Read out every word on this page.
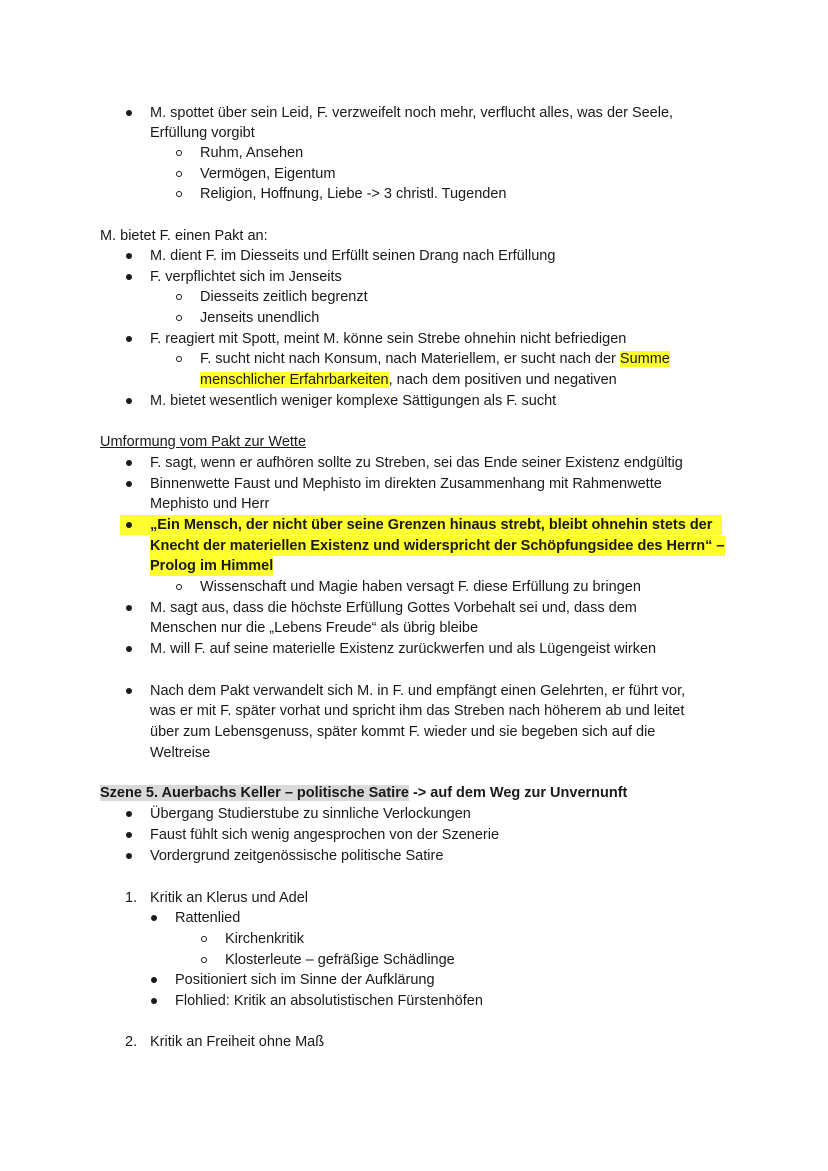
M. spottet über sein Leid, F. verzweifelt noch mehr, verflucht alles, was der Seele,
Erfüllung vorgibt
Ruhm, Ansehen
Vermögen, Eigentum
Religion, Hoffnung, Liebe -> 3 christl. Tugenden
M. bietet F. einen Pakt an:
M. dient F. im Diesseits und Erfüllt seinen Drang nach Erfüllung
F. verpflichtet sich im Jenseits
Diesseits zeitlich begrenzt
Jenseits unendlich
F. reagiert mit Spott, meint M. könne sein Strebe ohnehin nicht befriedigen
F. sucht nicht nach Konsum, nach Materiellem, er sucht nach der Summe
menschlicher Erfahrbarkeiten, nach dem positiven und negativen
M. bietet wesentlich weniger komplexe Sättigungen als F. sucht
Umformung vom Pakt zur Wette
F. sagt, wenn er aufhören sollte zu Streben, sei das Ende seiner Existenz endgültig
Binnenwette Faust und Mephisto im direkten Zusammenhang mit Rahmenwette
Mephisto und Herr
„Ein Mensch, der nicht über seine Grenzen hinaus strebt, bleibt ohnehin stets der
Knecht der materiellen Existenz und widerspricht der Schöpfungsidee des Herrn“ –
Prolog im Himmel
Wissenschaft und Magie haben versagt F. diese Erfüllung zu bringen
M. sagt aus, dass die höchste Erfüllung Gottes Vorbehalt sei und, dass dem
Menschen nur die „Lebens Freude“ als übrig bleibe
M. will F. auf seine materielle Existenz zurückwerfen und als Lügengeist wirken
Nach dem Pakt verwandelt sich M. in F. und empfängt einen Gelehrten, er führt vor,
was er mit F. später vorhat und spricht ihm das Streben nach höherem ab und leitet
über zum Lebensgenuss, später kommt F. wieder und sie begeben sich auf die
Weltreise
Szene 5. Auerbachs Keller – politische Satire -> auf dem Weg zur Unvernunft
Übergang Studierstube zu sinnliche Verlockungen
Faust fühlt sich wenig angesprochen von der Szenerie
Vordergrund zeitgenössische politische Satire
1. Kritik an Klerus und Adel
Rattenlied
Kirchenkritik
Klosterleute – gefräßige Schädlinge
Positioniert sich im Sinne der Aufklärung
Flohlied: Kritik an absolutistischen Fürstenhöfen
2. Kritik an Freiheit ohne Maß
